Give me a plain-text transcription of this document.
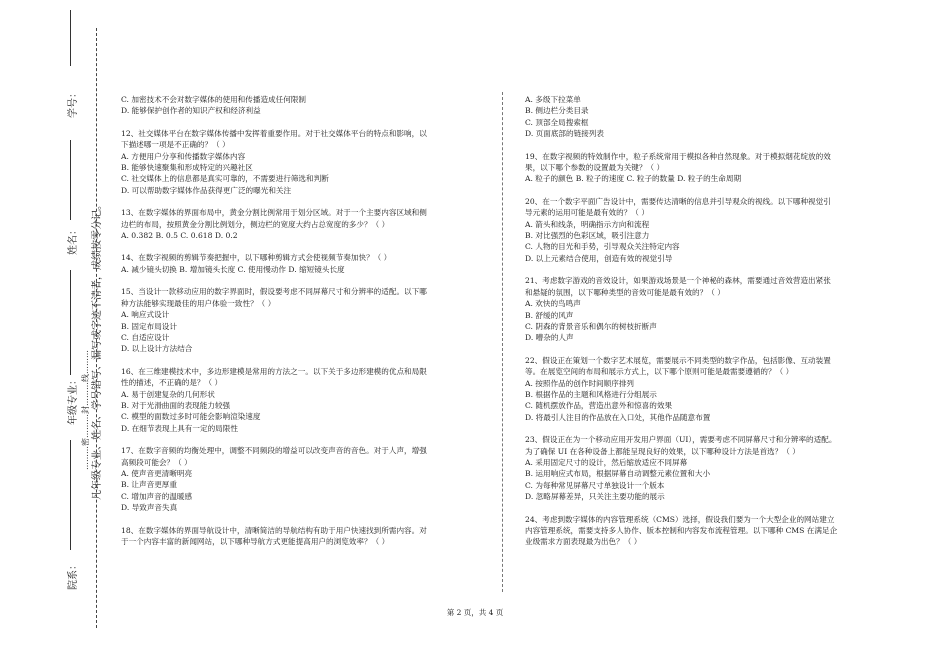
学号：
姓名：
年级专业：
院系：
………密………封………线……… 凡年级专业、姓名、学号错写、漏写或字迹不清者，成绩按零分记。
C. 加密技术不会对数字媒体的使用和传播造成任何限制
D. 能够保护创作者的知识产权和经济利益
12、社交媒体平台在数字媒体传播中发挥着重要作用。对于社交媒体平台的特点和影响，以
下描述哪一项是不正确的？（ ）
A. 方便用户分享和传播数字媒体内容
B. 能够快速聚集和形成特定的兴趣社区
C. 社交媒体上的信息都是真实可靠的，不需要进行筛选和判断
D. 可以帮助数字媒体作品获得更广泛的曝光和关注
13、在数字媒体的界面布局中，黄金分割比例常用于划分区域。对于一个主要内容区域和侧
边栏的布局，按照黄金分割比例划分，侧边栏的宽度大约占总宽度的多少？（ ）
A. 0.382 B. 0.5 C. 0.618 D. 0.2
14、在数字视频的剪辑节奏把握中，以下哪种剪辑方式会使视频节奏加快？（ ）
A. 减少镜头切换 B. 增加镜头长度 C. 使用慢动作 D. 缩短镜头长度
15、当设计一款移动应用的数字界面时，假设要考虑不同屏幕尺寸和分辨率的适配。以下哪
种方法能够实现最佳的用户体验一致性？（ ）
A. 响应式设计
B. 固定布局设计
C. 自适应设计
D. 以上设计方法结合
16、在三维建模技术中，多边形建模是常用的方法之一。以下关于多边形建模的优点和局限
性的描述，不正确的是？（ ）
A. 易于创建复杂的几何形状
B. 对于光滑曲面的表现能力较强
C. 模型的面数过多时可能会影响渲染速度
D. 在细节表现上具有一定的局限性
17、在数字音频的均衡处理中，调整不同频段的增益可以改变声音的音色。对于人声，增强
高频段可能会？（ ）
A. 使声音更清晰明亮
B. 让声音更厚重
C. 增加声音的温暖感
D. 导致声音失真
18、在数字媒体的界面导航设计中，清晰简洁的导航结构有助于用户快速找到所需内容。对
于一个内容丰富的新闻网站，以下哪种导航方式更能提高用户的浏览效率？（ ）
A. 多级下拉菜单
B. 侧边栏分类目录
C. 顶部全局搜索框
D. 页面底部的链接列表
19、在数字视频的特效制作中，粒子系统常用于模拟各种自然现象。对于模拟烟花绽放的效
果，以下哪个参数的设置最为关键？（ ）
A. 粒子的颜色 B. 粒子的速度 C. 粒子的数量 D. 粒子的生命周期
20、在一个数字平面广告设计中，需要传达清晰的信息并引导观众的视线。以下哪种视觉引
导元素的运用可能是最有效的？（ ）
A. 箭头和线条，明确指示方向和流程
B. 对比强烈的色彩区域，吸引注意力
C. 人物的目光和手势，引导观众关注特定内容
D. 以上元素结合使用，创造有效的视觉引导
21、考虑数字游戏的音效设计，如果游戏场景是一个神秘的森林，需要通过音效营造出紧张
和悬疑的氛围，以下哪种类型的音效可能是最有效的？（ ）
A. 欢快的鸟鸣声
B. 舒缓的风声
C. 阴森的背景音乐和偶尔的树枝折断声
D. 嘈杂的人声
22、假设正在策划一个数字艺术展览，需要展示不同类型的数字作品，包括影像、互动装置
等。在展览空间的布局和展示方式上，以下哪个原则可能是最需要遵循的？（ ）
A. 按照作品的创作时间顺序排列
B. 根据作品的主题和风格进行分组展示
C. 随机摆放作品，营造出意外和惊喜的效果
D. 将最引人注目的作品放在入口处，其他作品随意布置
23、假设正在为一个移动应用开发用户界面（UI），需要考虑不同屏幕尺寸和分辨率的适配。
为了确保 UI 在各种设备上都能呈现良好的效果，以下哪种设计方法是首选？（ ）
A. 采用固定尺寸的设计，然后缩放适应不同屏幕
B. 运用响应式布局，根据屏幕自动调整元素位置和大小
C. 为每种常见屏幕尺寸单独设计一个版本
D. 忽略屏幕差异，只关注主要功能的展示
24、考虑到数字媒体的内容管理系统（CMS）选择，假设我们要为一个大型企业的网站建立
内容管理系统，需要支持多人协作、版本控制和内容发布流程管理。以下哪种 CMS 在满足企
业级需求方面表现最为出色？（ ）
第 2 页，共 4 页
